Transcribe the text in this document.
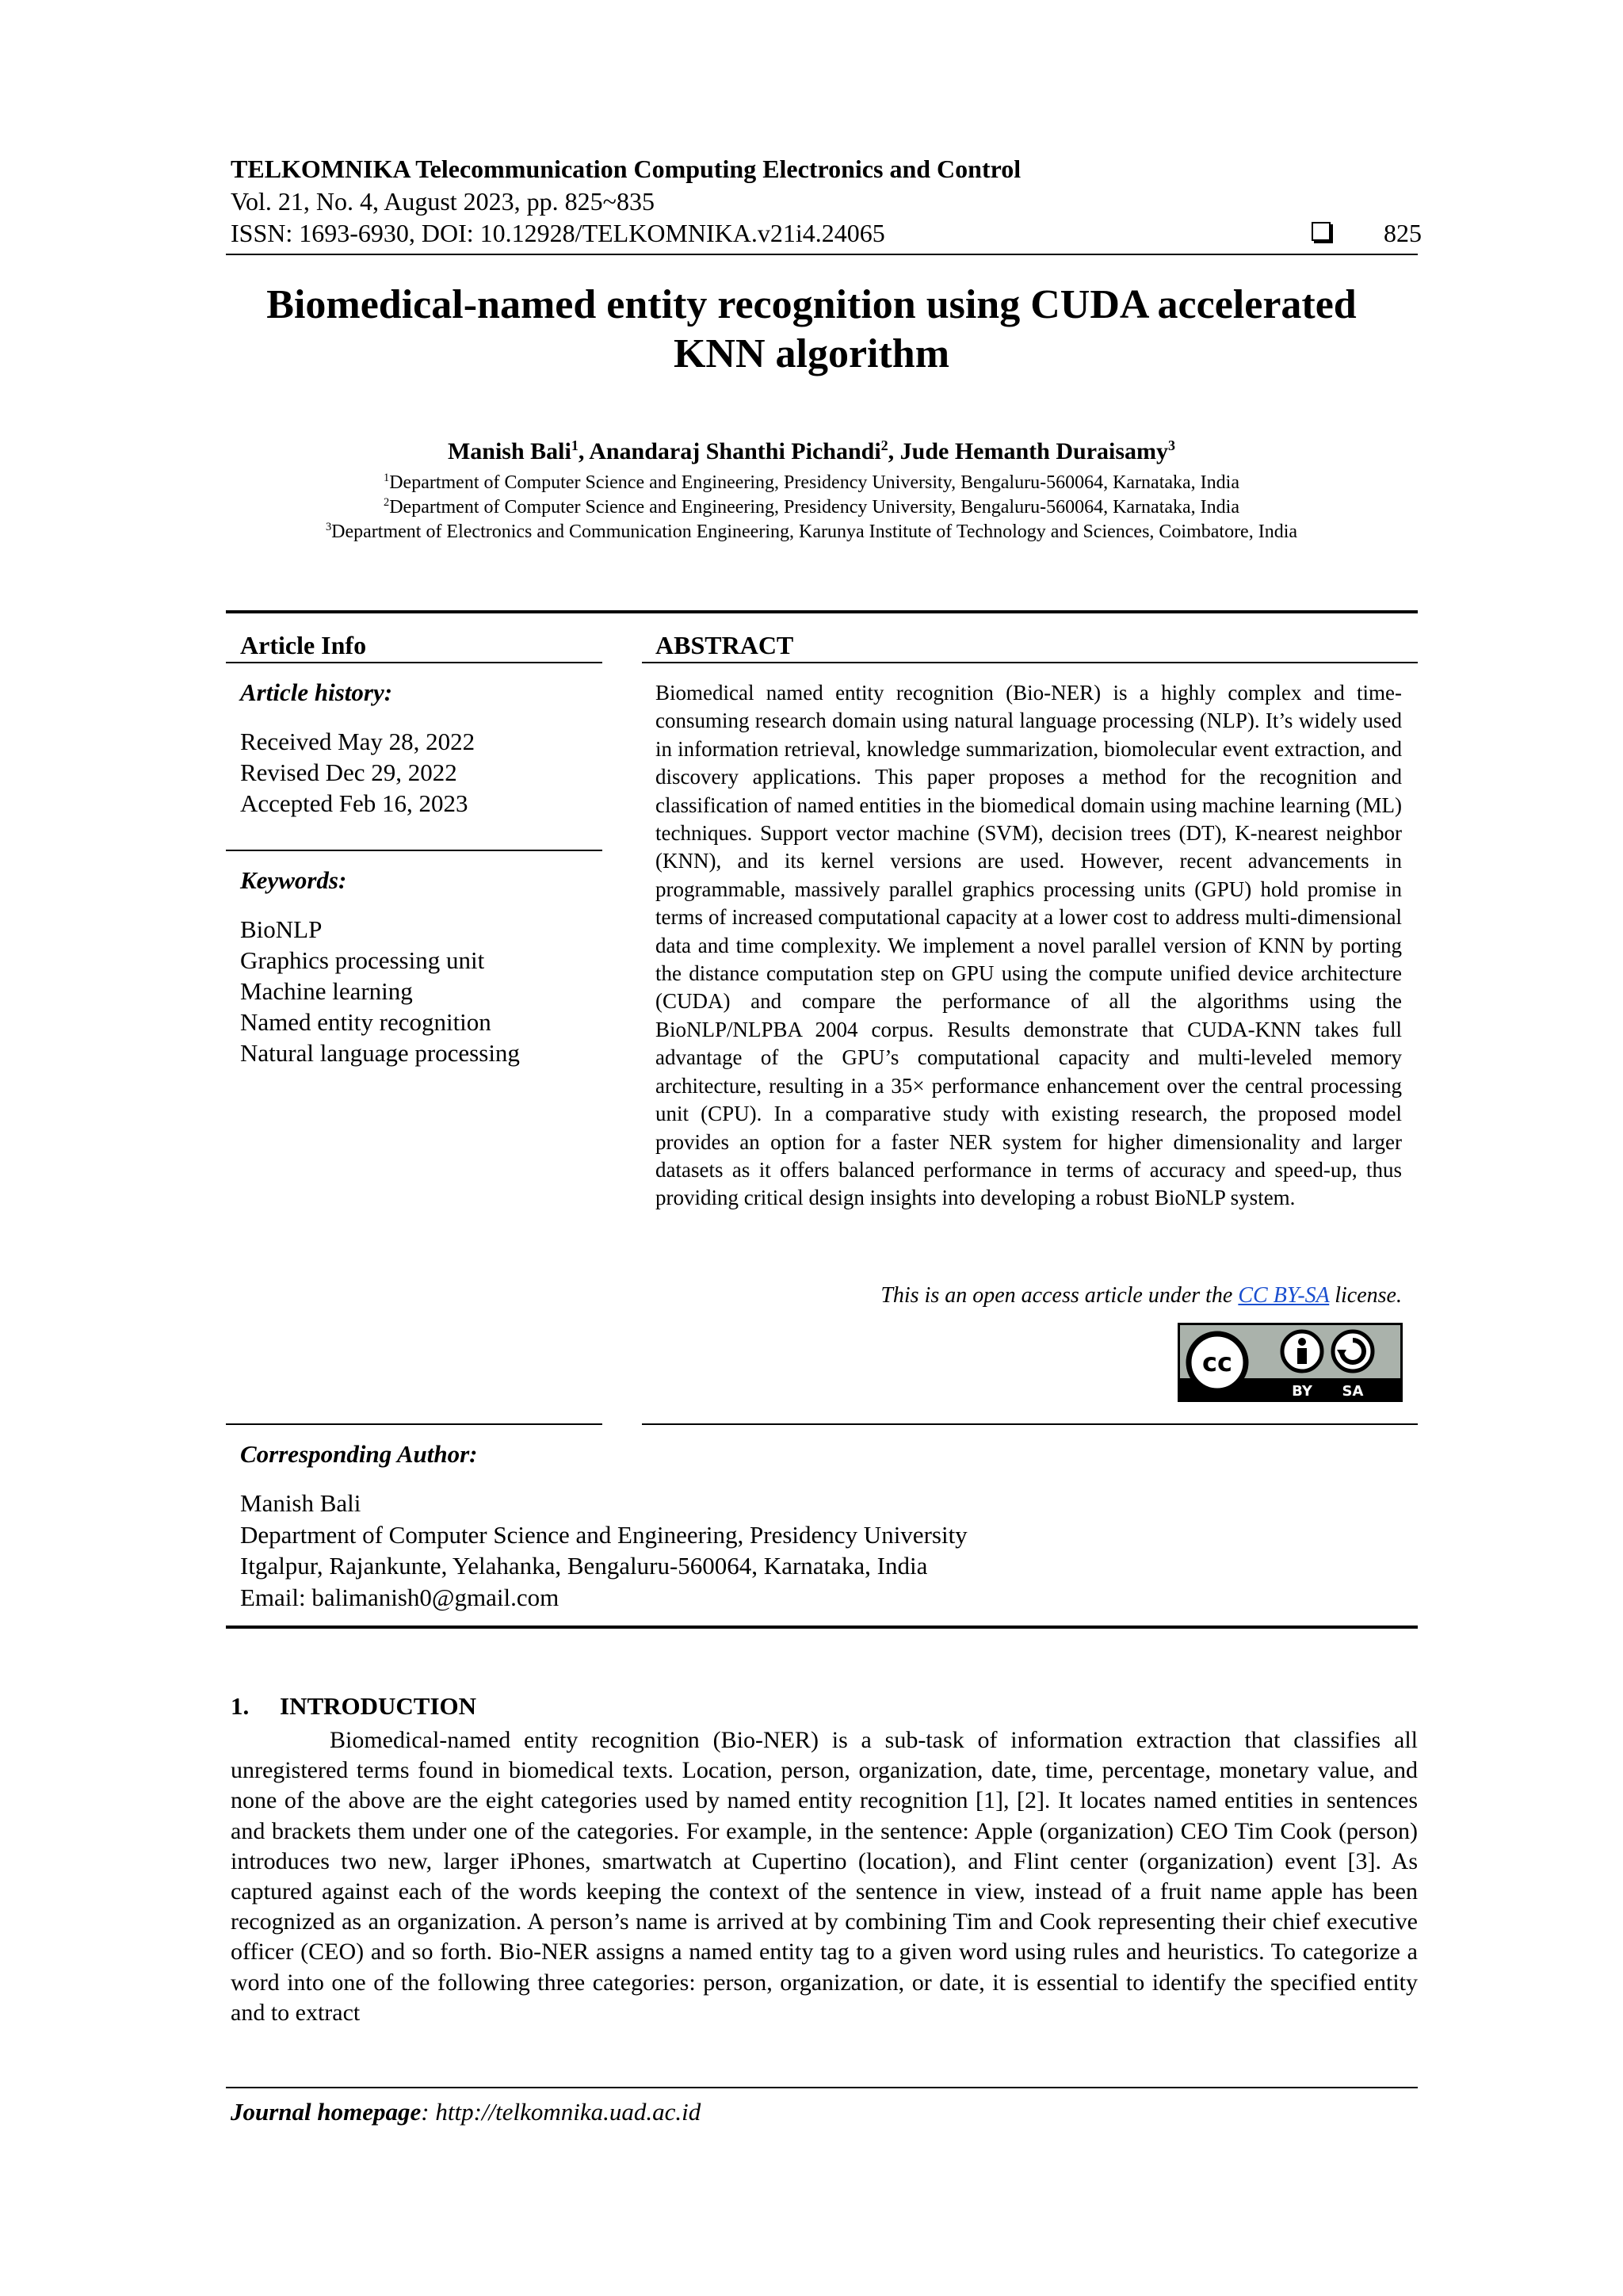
TELKOMNIKA Telecommunication Computing Electronics and Control
Vol. 21, No. 4, August 2023, pp. 825~835
ISSN: 1693-6930, DOI: 10.12928/TELKOMNIKA.v21i4.24065	825
Biomedical-named entity recognition using CUDA accelerated
KNN algorithm
Manish Bali$^1$, Anandaraj Shanthi Pichandi$^2$, Jude Hemanth Duraisamy$^3$
$^1$Department of Computer Science and Engineering, Presidency University, Bengaluru-560064, Karnataka, India
$^2$Department of Computer Science and Engineering, Presidency University, Bengaluru-560064, Karnataka, India
$^3$Department of Electronics and Communication Engineering, Karunya Institute of Technology and Sciences, Coimbatore, India
Article Info
Article history:
Received May 28, 2022
Revised Dec 29, 2022
Accepted Feb 16, 2023
Keywords:
BioNLP
Graphics processing unit
Machine learning
Named entity recognition
Natural language processing
ABSTRACT
Biomedical named entity recognition (Bio-NER) is a highly complex and time-consuming research domain using natural language processing (NLP). It’s widely used in information retrieval, knowledge summarization, biomolecular event extraction, and discovery applications. This paper proposes a method for the recognition and classification of named entities in the biomedical domain using machine learning (ML) techniques. Support vector machine (SVM), decision trees (DT), K-nearest neighbor (KNN), and its kernel versions are used. However, recent advancements in programmable, massively parallel graphics processing units (GPU) hold promise in terms of increased computational capacity at a lower cost to address multi-dimensional data and time complexity. We implement a novel parallel version of KNN by porting the distance computation step on GPU using the compute unified device architecture (CUDA) and compare the performance of all the algorithms using the BioNLP/NLPBA 2004 corpus. Results demonstrate that CUDA-KNN takes full advantage of the GPU’s computational capacity and multi-leveled memory architecture, resulting in a 35× performance enhancement over the central processing unit (CPU). In a comparative study with existing research, the proposed model provides an option for a faster NER system for higher dimensionality and larger datasets as it offers balanced performance in terms of accuracy and speed-up, thus providing critical design insights into developing a robust BioNLP system.
This is an open access article under the CC BY-SA license.
cc
BY SA
Corresponding Author:
Manish Bali
Department of Computer Science and Engineering, Presidency University
Itgalpur, Rajankunte, Yelahanka, Bengaluru-560064, Karnataka, India
Email: balimanish0@gmail.com
1.     INTRODUCTION

Biomedical-named entity recognition (Bio-NER) is a sub-task of information extraction that classifies all unregistered terms found in biomedical texts. Location, person, organization, date, time, percentage, monetary value, and none of the above are the eight categories used by named entity recognition [1], [2]. It locates named entities in sentences and brackets them under one of the categories. For example, in the sentence: Apple (organization) CEO Tim Cook (person) introduces two new, larger iPhones, smartwatch at Cupertino (location), and Flint center (organization) event [3]. As captured against each of the words keeping the context of the sentence in view, instead of a fruit name apple has been recognized as an organization. A person’s name is arrived at by combining Tim and Cook representing their chief executive officer (CEO) and so forth. Bio-NER assigns a named entity tag to a given word using rules and heuristics. To categorize a word into one of the following three categories: person, organization, or date, it is essential to identify the specified entity and to extract

Journal homepage: http://telkomnika.uad.ac.id
